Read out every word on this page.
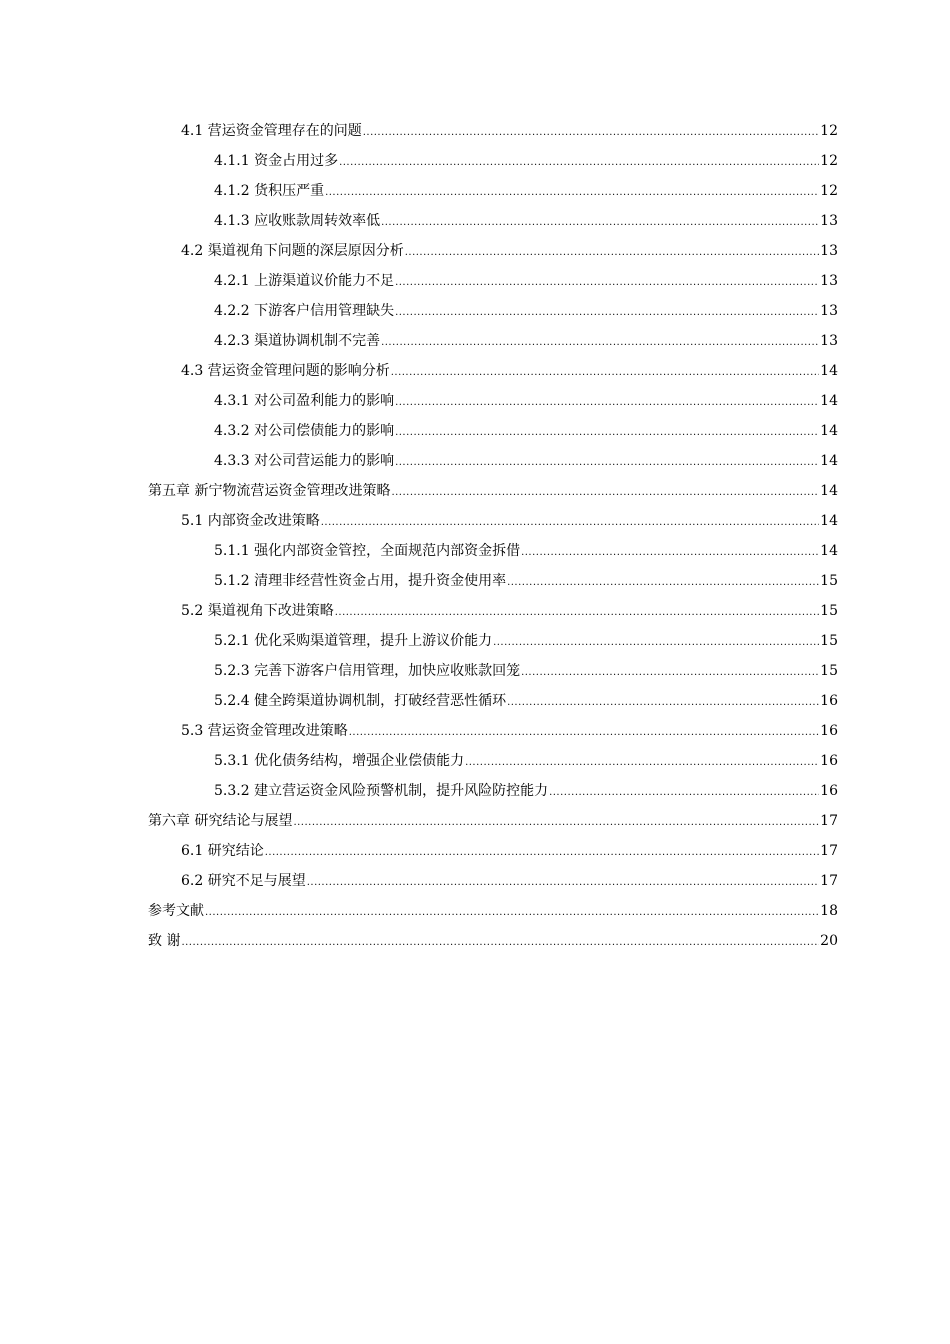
4.1 营运资金管理存在的问题 .....	12
4.1.1 资金占用过多 .....	12
4.1.2 货积压严重 .....	12
4.1.3 应收账款周转效率低 .....	13
4.2 渠道视角下问题的深层原因分析 .....	13
4.2.1 上游渠道议价能力不足 .....	13
4.2.2 下游客户信用管理缺失 .....	13
4.2.3 渠道协调机制不完善 .....	13
4.3 营运资金管理问题的影响分析 .....	14
4.3.1 对公司盈利能力的影响 .....	14
4.3.2 对公司偿债能力的影响 .....	14
4.3.3 对公司营运能力的影响 .....	14
第五章 新宁物流营运资金管理改进策略 .....	14
5.1 内部资金改进策略 .....	14
5.1.1 强化内部资金管控，全面规范内部资金拆借 .....	14
5.1.2 清理非经营性资金占用，提升资金使用率 .....	15
5.2 渠道视角下改进策略 .....	15
5.2.1 优化采购渠道管理，提升上游议价能力 .....	15
5.2.3 完善下游客户信用管理，加快应收账款回笼 .....	15
5.2.4 健全跨渠道协调机制，打破经营恶性循环 .....	16
5.3 营运资金管理改进策略 .....	16
5.3.1 优化债务结构，增强企业偿债能力 .....	16
5.3.2 建立营运资金风险预警机制，提升风险防控能力 .....	16
第六章 研究结论与展望 .....	17
6.1 研究结论 .....	17
6.2 研究不足与展望 .....	17
参考文献 .....	18
致 谢 .....	20
